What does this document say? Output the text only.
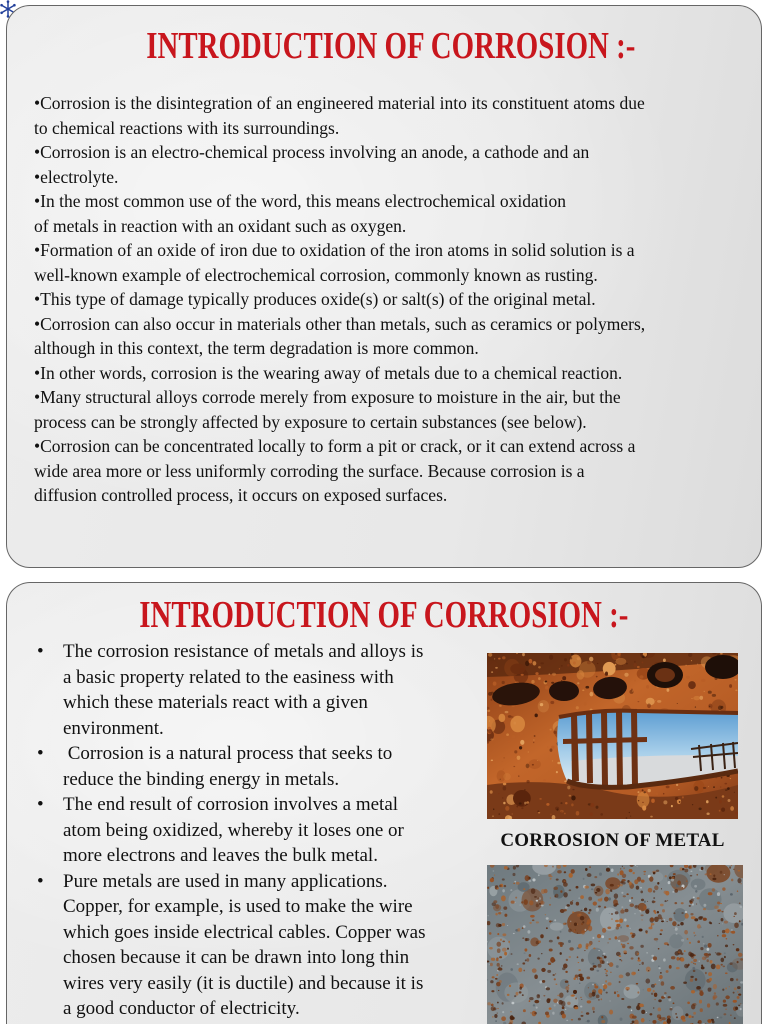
INTRODUCTION OF CORROSION :-
•Corrosion is the disintegration of an engineered material into its constituent atoms due
to chemical reactions with its surroundings.
•Corrosion is an electro-chemical process involving an anode, a cathode and an
•electrolyte.
•In the most common use of the word, this means electrochemical oxidation
of metals in reaction with an oxidant such as oxygen.
•Formation of an oxide of iron due to oxidation of the iron atoms in solid solution is a
well-known example of electrochemical corrosion, commonly known as rusting.
•This type of damage typically produces oxide(s) or salt(s) of the original metal.
•Corrosion can also occur in materials other than metals, such as ceramics or polymers,
although in this context, the term degradation is more common.
•In other words, corrosion is the wearing away of metals due to a chemical reaction.
•Many structural alloys corrode merely from exposure to moisture in the air, but the
process can be strongly affected by exposure to certain substances (see below).
•Corrosion can be concentrated locally to form a pit or crack, or it can extend across a
wide area more or less uniformly corroding the surface. Because corrosion is a
diffusion controlled process, it occurs on exposed surfaces.
INTRODUCTION OF CORROSION :-
•	The corrosion resistance of metals and alloys is
a basic property related to the easiness with
which these materials react with a given
environment.
•	Corrosion is a natural process that seeks to
reduce the binding energy in metals.
•	The end result of corrosion involves a metal
atom being oxidized, whereby it loses one or
more electrons and leaves the bulk metal.
•	Pure metals are used in many applications.
Copper, for example, is used to make the wire
which goes inside electrical cables. Copper was
chosen because it can be drawn into long thin
wires very easily (it is ductile) and because it is
a good conductor of electricity.
CORROSION OF METAL
